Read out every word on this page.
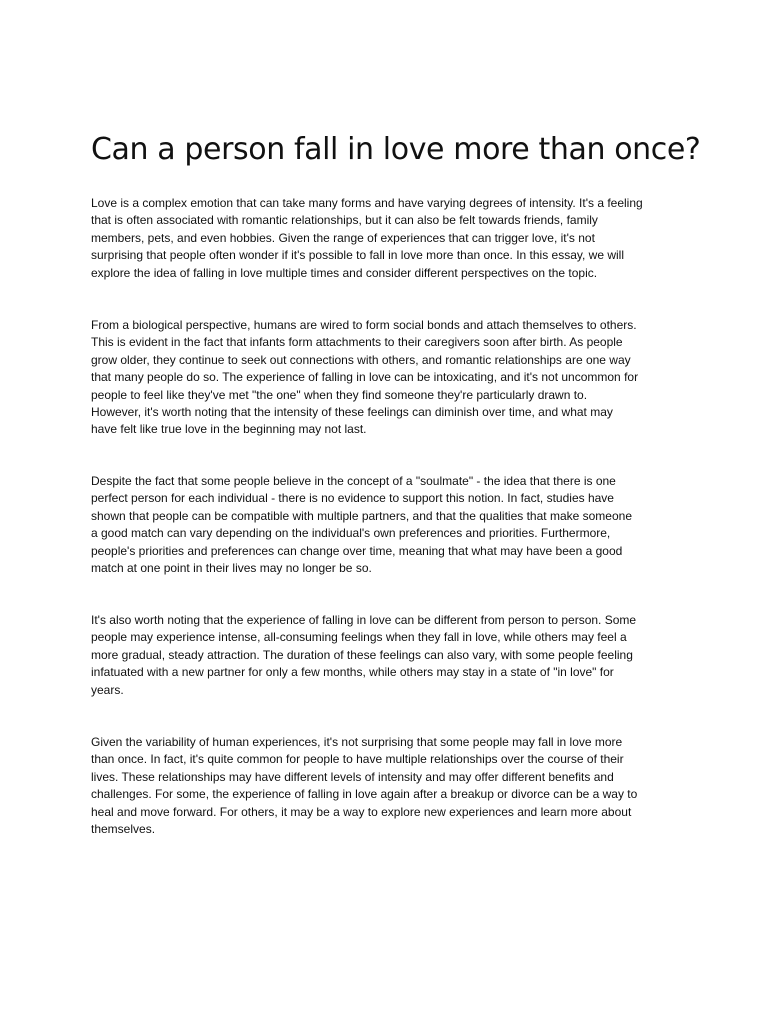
Can a person fall in love more than once?

Love is a complex emotion that can take many forms and have varying degrees of intensity. It's a feeling
that is often associated with romantic relationships, but it can also be felt towards friends, family
members, pets, and even hobbies. Given the range of experiences that can trigger love, it's not
surprising that people often wonder if it's possible to fall in love more than once. In this essay, we will
explore the idea of falling in love multiple times and consider different perspectives on the topic.

From a biological perspective, humans are wired to form social bonds and attach themselves to others.
This is evident in the fact that infants form attachments to their caregivers soon after birth. As people
grow older, they continue to seek out connections with others, and romantic relationships are one way
that many people do so. The experience of falling in love can be intoxicating, and it's not uncommon for
people to feel like they've met "the one" when they find someone they're particularly drawn to.
However, it's worth noting that the intensity of these feelings can diminish over time, and what may
have felt like true love in the beginning may not last.

Despite the fact that some people believe in the concept of a "soulmate" - the idea that there is one
perfect person for each individual - there is no evidence to support this notion. In fact, studies have
shown that people can be compatible with multiple partners, and that the qualities that make someone
a good match can vary depending on the individual's own preferences and priorities. Furthermore,
people's priorities and preferences can change over time, meaning that what may have been a good
match at one point in their lives may no longer be so.

It's also worth noting that the experience of falling in love can be different from person to person. Some
people may experience intense, all-consuming feelings when they fall in love, while others may feel a
more gradual, steady attraction. The duration of these feelings can also vary, with some people feeling
infatuated with a new partner for only a few months, while others may stay in a state of "in love" for
years.

Given the variability of human experiences, it's not surprising that some people may fall in love more
than once. In fact, it's quite common for people to have multiple relationships over the course of their
lives. These relationships may have different levels of intensity and may offer different benefits and
challenges. For some, the experience of falling in love again after a breakup or divorce can be a way to
heal and move forward. For others, it may be a way to explore new experiences and learn more about
themselves.
